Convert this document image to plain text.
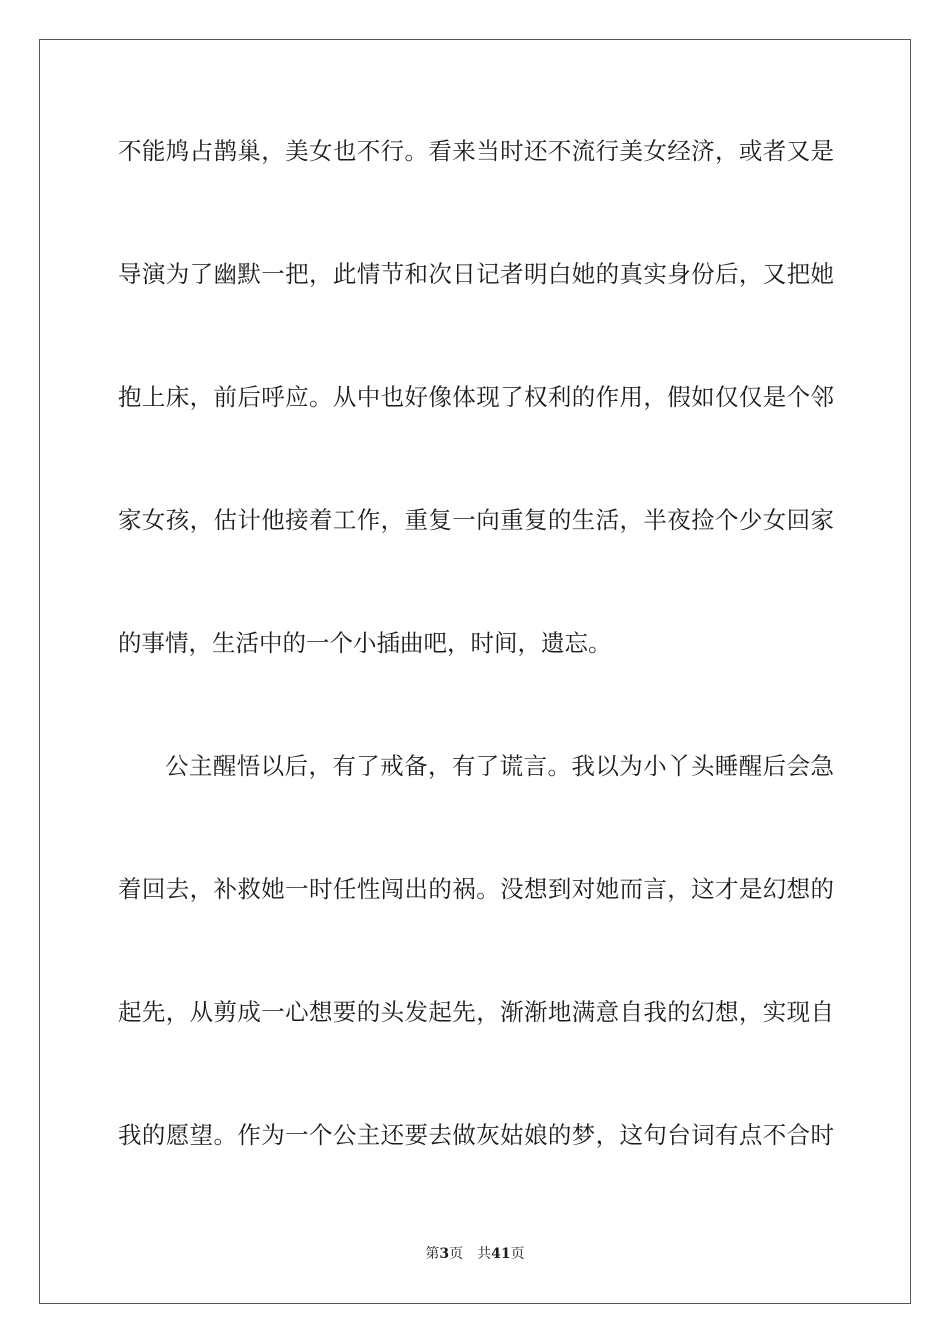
不能鸠占鹊巢，美女也不行。看来当时还不流行美女经济，或者又是
导演为了幽默一把，此情节和次日记者明白她的真实身份后，又把她
抱上床，前后呼应。从中也好像体现了权利的作用，假如仅仅是个邻
家女孩，估计他接着工作，重复一向重复的生活，半夜捡个少女回家
的事情，生活中的一个小插曲吧，时间，遗忘。
公主醒悟以后，有了戒备，有了谎言。我以为小丫头睡醒后会急
着回去，补救她一时任性闯出的祸。没想到对她而言，这才是幻想的
起先，从剪成一心想要的头发起先，渐渐地满意自我的幻想，实现自
我的愿望。作为一个公主还要去做灰姑娘的梦，这句台词有点不合时
第3页 共41页
